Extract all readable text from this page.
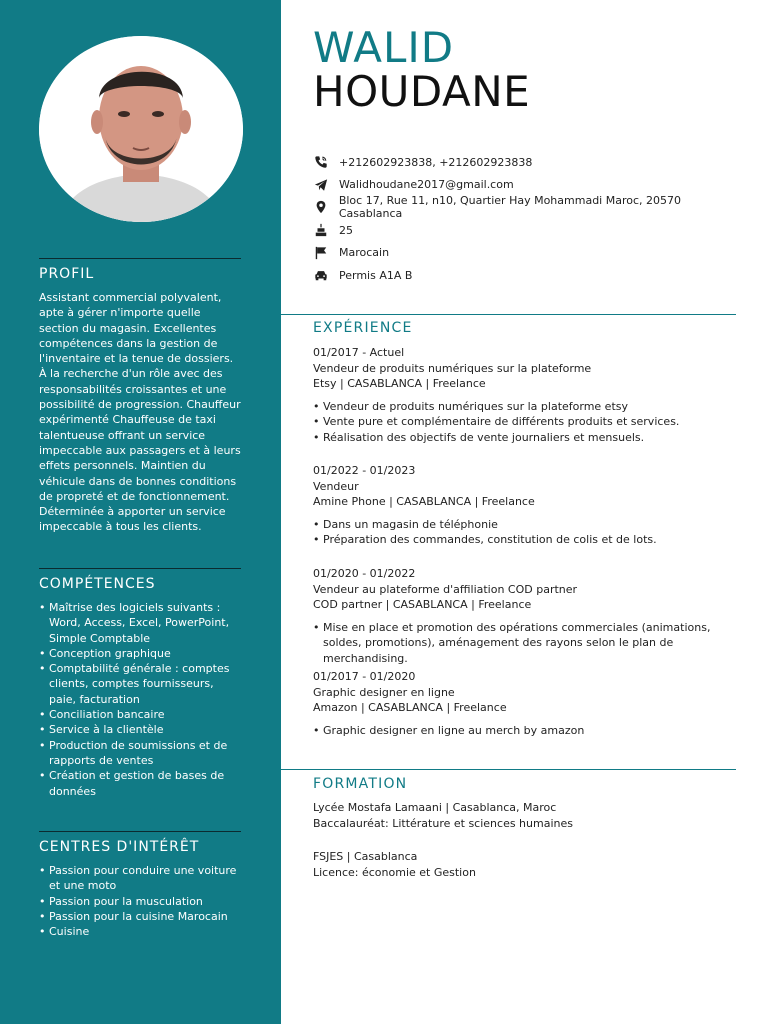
PROFIL
Assistant commercial polyvalent, apte à gérer n'importe quelle section du magasin. Excellentes compétences dans la gestion de l'inventaire et la tenue de dossiers. À la recherche d'un rôle avec des responsabilités croissantes et une possibilité de progression. Chauffeur expérimenté Chauffeuse de taxi talentueuse offrant un service impeccable aux passagers et à leurs effets personnels. Maintien du véhicule dans de bonnes conditions de propreté et de fonctionnement. Déterminée à apporter un service impeccable à tous les clients.
COMPÉTENCES
• Maîtrise des logiciels suivants : Word, Access, Excel, PowerPoint, Simple Comptable
• Conception graphique
• Comptabilité générale : comptes clients, comptes fournisseurs, paie, facturation
• Conciliation bancaire
• Service à la clientèle
• Production de soumissions et de rapports de ventes
• Création et gestion de bases de données
CENTRES D'INTÉRÊT
• Passion pour conduire une voiture et une moto
• Passion pour la musculation
• Passion pour la cuisine Marocain
• Cuisine
WALID
HOUDANE
+212602923838, +212602923838
Walidhoudane2017@gmail.com
Bloc 17, Rue 11, n10, Quartier Hay Mohammadi Maroc, 20570 Casablanca
25
Marocain
Permis A1A B
EXPÉRIENCE
01/2017 - Actuel
Vendeur de produits numériques sur la plateforme
Etsy | CASABLANCA | Freelance
• Vendeur de produits numériques sur la plateforme etsy
• Vente pure et complémentaire de différents produits et services.
• Réalisation des objectifs de vente journaliers et mensuels.
01/2022 - 01/2023
Vendeur
Amine Phone | CASABLANCA | Freelance
• Dans un magasin de téléphonie
• Préparation des commandes, constitution de colis et de lots.
01/2020 - 01/2022
Vendeur au plateforme d'affiliation COD partner
COD partner | CASABLANCA | Freelance
• Mise en place et promotion des opérations commerciales (animations, soldes, promotions), aménagement des rayons selon le plan de merchandising.
01/2017 - 01/2020
Graphic designer en ligne
Amazon | CASABLANCA | Freelance
• Graphic designer en ligne au merch by amazon
FORMATION
Lycée Mostafa Lamaani | Casablanca, Maroc
Baccalauréat: Littérature et sciences humaines
FSJES | Casablanca
Licence: économie et Gestion
